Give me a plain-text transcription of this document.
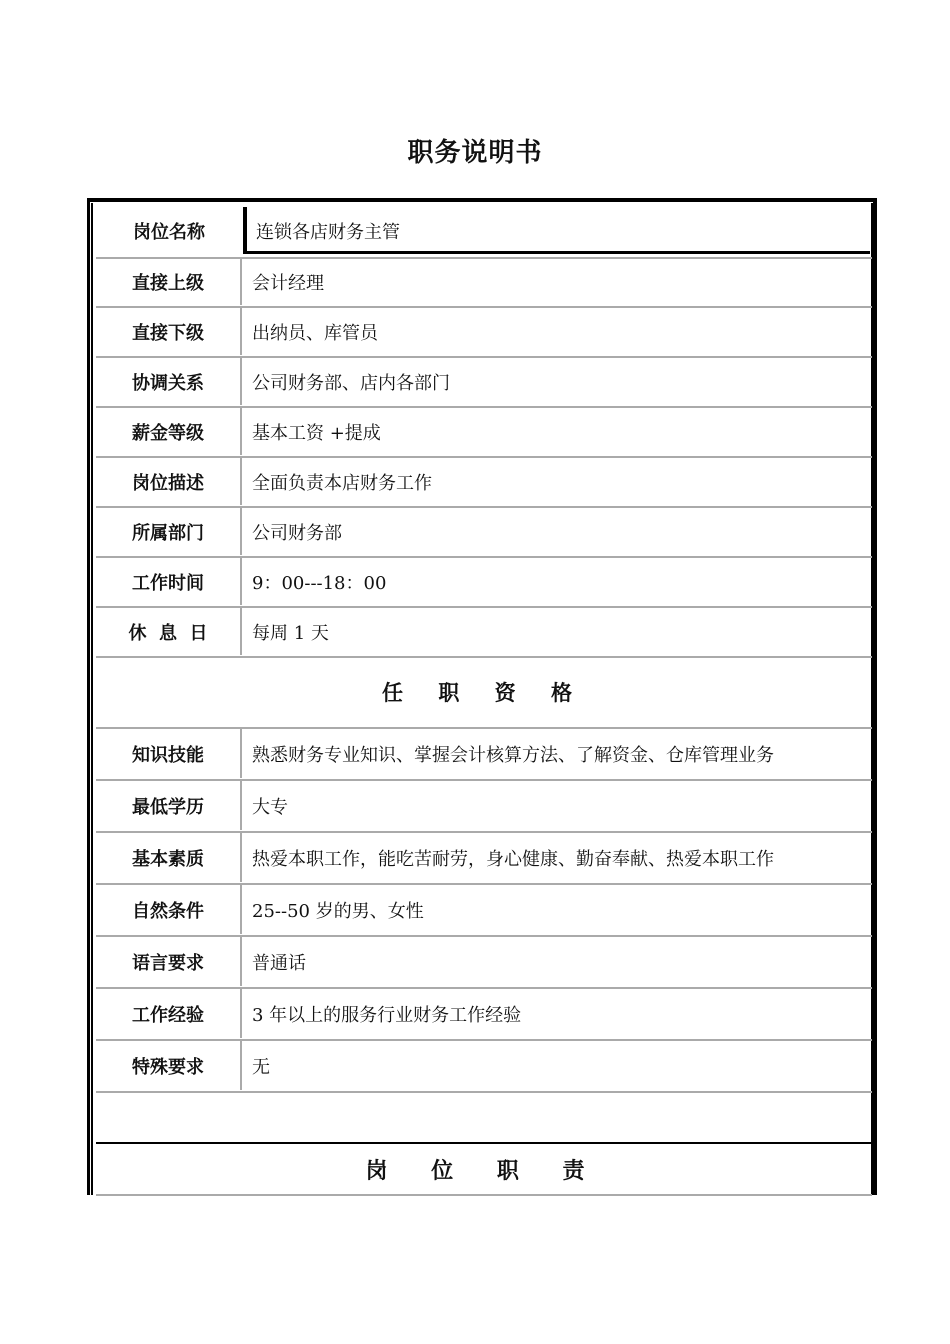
职务说明书
岗位名称	连锁各店财务主管
直接上级	会计经理
直接下级	出纳员、库管员
协调关系	公司财务部、店内各部门
薪金等级	基本工资 +提成
岗位描述	全面负责本店财务工作
所属部门	公司财务部
工作时间	9：00---18：00
休  息  日	每周 1 天
任 职 资 格
知识技能	熟悉财务专业知识、掌握会计核算方法、了解资金、仓库管理业务
最低学历	大专
基本素质	热爱本职工作，能吃苦耐劳，身心健康、勤奋奉献、热爱本职工作
自然条件	25--50 岁的男、女性
语言要求	普通话
工作经验	3 年以上的服务行业财务工作经验
特殊要求	无
岗 位 职 责
